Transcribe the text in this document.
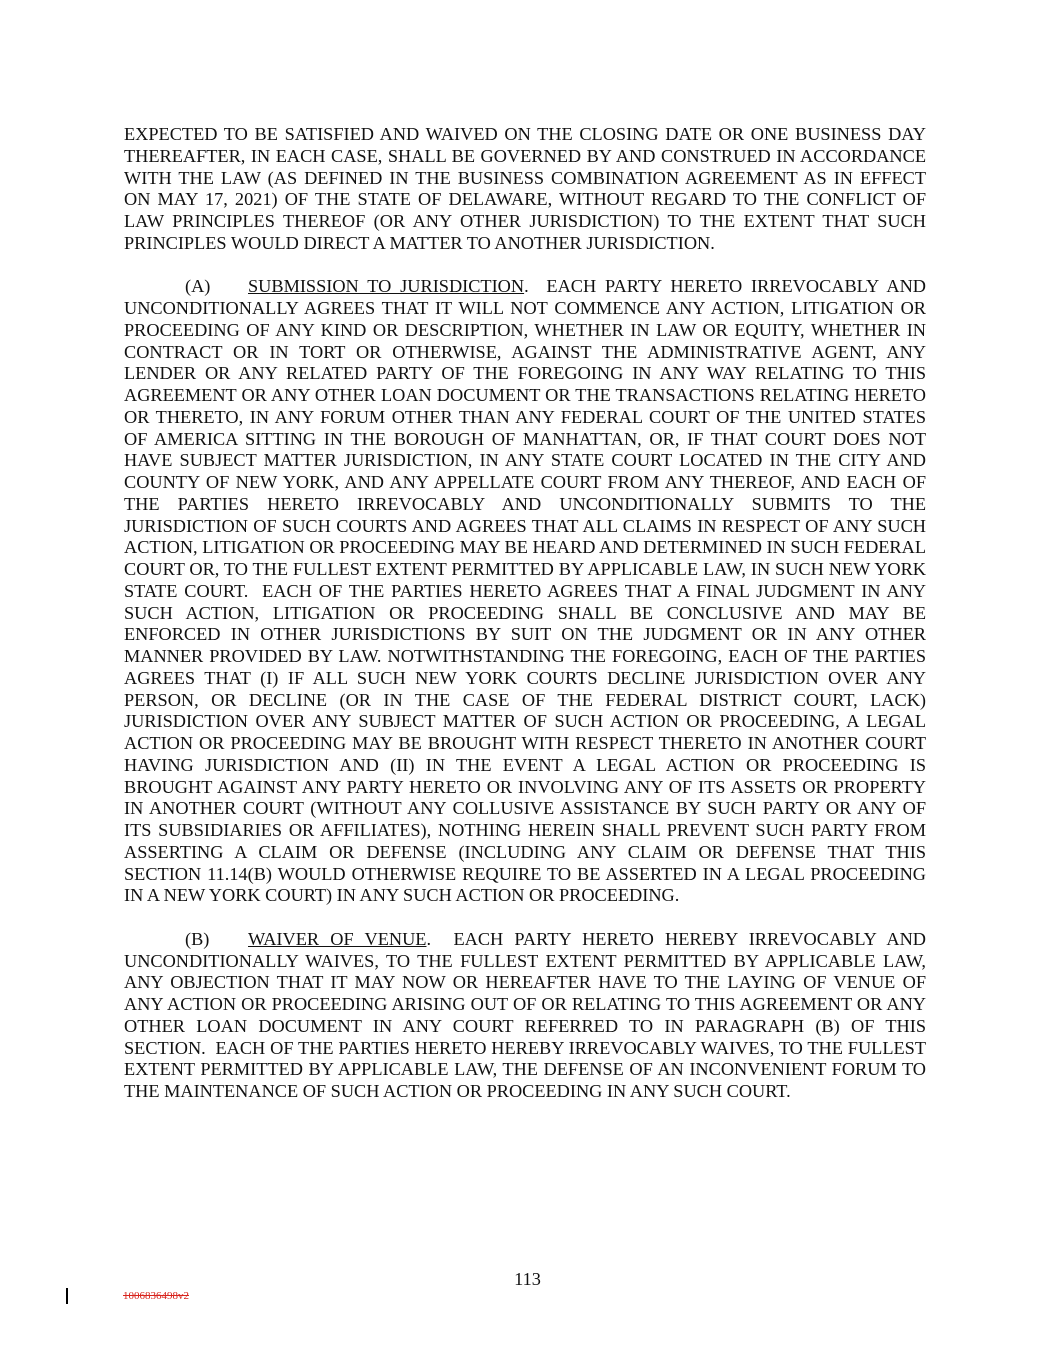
EXPECTED TO BE SATISFIED AND WAIVED ON THE CLOSING DATE OR ONE BUSINESS DAY THEREAFTER, IN EACH CASE, SHALL BE GOVERNED BY AND CONSTRUED IN ACCORDANCE WITH THE LAW (AS DEFINED IN THE BUSINESS COMBINATION AGREEMENT AS IN EFFECT ON MAY 17, 2021) OF THE STATE OF DELAWARE, WITHOUT REGARD TO THE CONFLICT OF LAW PRINCIPLES THEREOF (OR ANY OTHER JURISDICTION) TO THE EXTENT THAT SUCH PRINCIPLES WOULD DIRECT A MATTER TO ANOTHER JURISDICTION.

(A) SUBMISSION TO JURISDICTION.  EACH PARTY HERETO IRREVOCABLY AND UNCONDITIONALLY AGREES THAT IT WILL NOT COMMENCE ANY ACTION, LITIGATION OR PROCEEDING OF ANY KIND OR DESCRIPTION, WHETHER IN LAW OR EQUITY, WHETHER IN CONTRACT OR IN TORT OR OTHERWISE, AGAINST THE ADMINISTRATIVE AGENT, ANY LENDER OR ANY RELATED PARTY OF THE FOREGOING IN ANY WAY RELATING TO THIS AGREEMENT OR ANY OTHER LOAN DOCUMENT OR THE TRANSACTIONS RELATING HERETO OR THERETO, IN ANY FORUM OTHER THAN ANY FEDERAL COURT OF THE UNITED STATES OF AMERICA SITTING IN THE BOROUGH OF MANHATTAN, OR, IF THAT COURT DOES NOT HAVE SUBJECT MATTER JURISDICTION, IN ANY STATE COURT LOCATED IN THE CITY AND COUNTY OF NEW YORK, AND ANY APPELLATE COURT FROM ANY THEREOF, AND EACH OF THE PARTIES HERETO IRREVOCABLY AND UNCONDITIONALLY SUBMITS TO THE JURISDICTION OF SUCH COURTS AND AGREES THAT ALL CLAIMS IN RESPECT OF ANY SUCH ACTION, LITIGATION OR PROCEEDING MAY BE HEARD AND DETERMINED IN SUCH FEDERAL COURT OR, TO THE FULLEST EXTENT PERMITTED BY APPLICABLE LAW, IN SUCH NEW YORK STATE COURT.  EACH OF THE PARTIES HERETO AGREES THAT A FINAL JUDGMENT IN ANY SUCH ACTION, LITIGATION OR PROCEEDING SHALL BE CONCLUSIVE AND MAY BE ENFORCED IN OTHER JURISDICTIONS BY SUIT ON THE JUDGMENT OR IN ANY OTHER MANNER PROVIDED BY LAW. NOTWITHSTANDING THE FOREGOING, EACH OF THE PARTIES AGREES THAT (I) IF ALL SUCH NEW YORK COURTS DECLINE JURISDICTION OVER ANY PERSON, OR DECLINE (OR IN THE CASE OF THE FEDERAL DISTRICT COURT, LACK) JURISDICTION OVER ANY SUBJECT MATTER OF SUCH ACTION OR PROCEEDING, A LEGAL ACTION OR PROCEEDING MAY BE BROUGHT WITH RESPECT THERETO IN ANOTHER COURT HAVING JURISDICTION AND (II) IN THE EVENT A LEGAL ACTION OR PROCEEDING IS BROUGHT AGAINST ANY PARTY HERETO OR INVOLVING ANY OF ITS ASSETS OR PROPERTY IN ANOTHER COURT (WITHOUT ANY COLLUSIVE ASSISTANCE BY SUCH PARTY OR ANY OF ITS SUBSIDIARIES OR AFFILIATES), NOTHING HEREIN SHALL PREVENT SUCH PARTY FROM ASSERTING A CLAIM OR DEFENSE (INCLUDING ANY CLAIM OR DEFENSE THAT THIS SECTION 11.14(B) WOULD OTHERWISE REQUIRE TO BE ASSERTED IN A LEGAL PROCEEDING IN A NEW YORK COURT) IN ANY SUCH ACTION OR PROCEEDING.

(B) WAIVER OF VENUE.  EACH PARTY HERETO HEREBY IRREVOCABLY AND UNCONDITIONALLY WAIVES, TO THE FULLEST EXTENT PERMITTED BY APPLICABLE LAW, ANY OBJECTION THAT IT MAY NOW OR HEREAFTER HAVE TO THE LAYING OF VENUE OF ANY ACTION OR PROCEEDING ARISING OUT OF OR RELATING TO THIS AGREEMENT OR ANY OTHER LOAN DOCUMENT IN ANY COURT REFERRED TO IN PARAGRAPH (B) OF THIS SECTION.  EACH OF THE PARTIES HERETO HEREBY IRREVOCABLY WAIVES, TO THE FULLEST EXTENT PERMITTED BY APPLICABLE LAW, THE DEFENSE OF AN INCONVENIENT FORUM TO THE MAINTENANCE OF SUCH ACTION OR PROCEEDING IN ANY SUCH COURT.

113
1006836498v2
